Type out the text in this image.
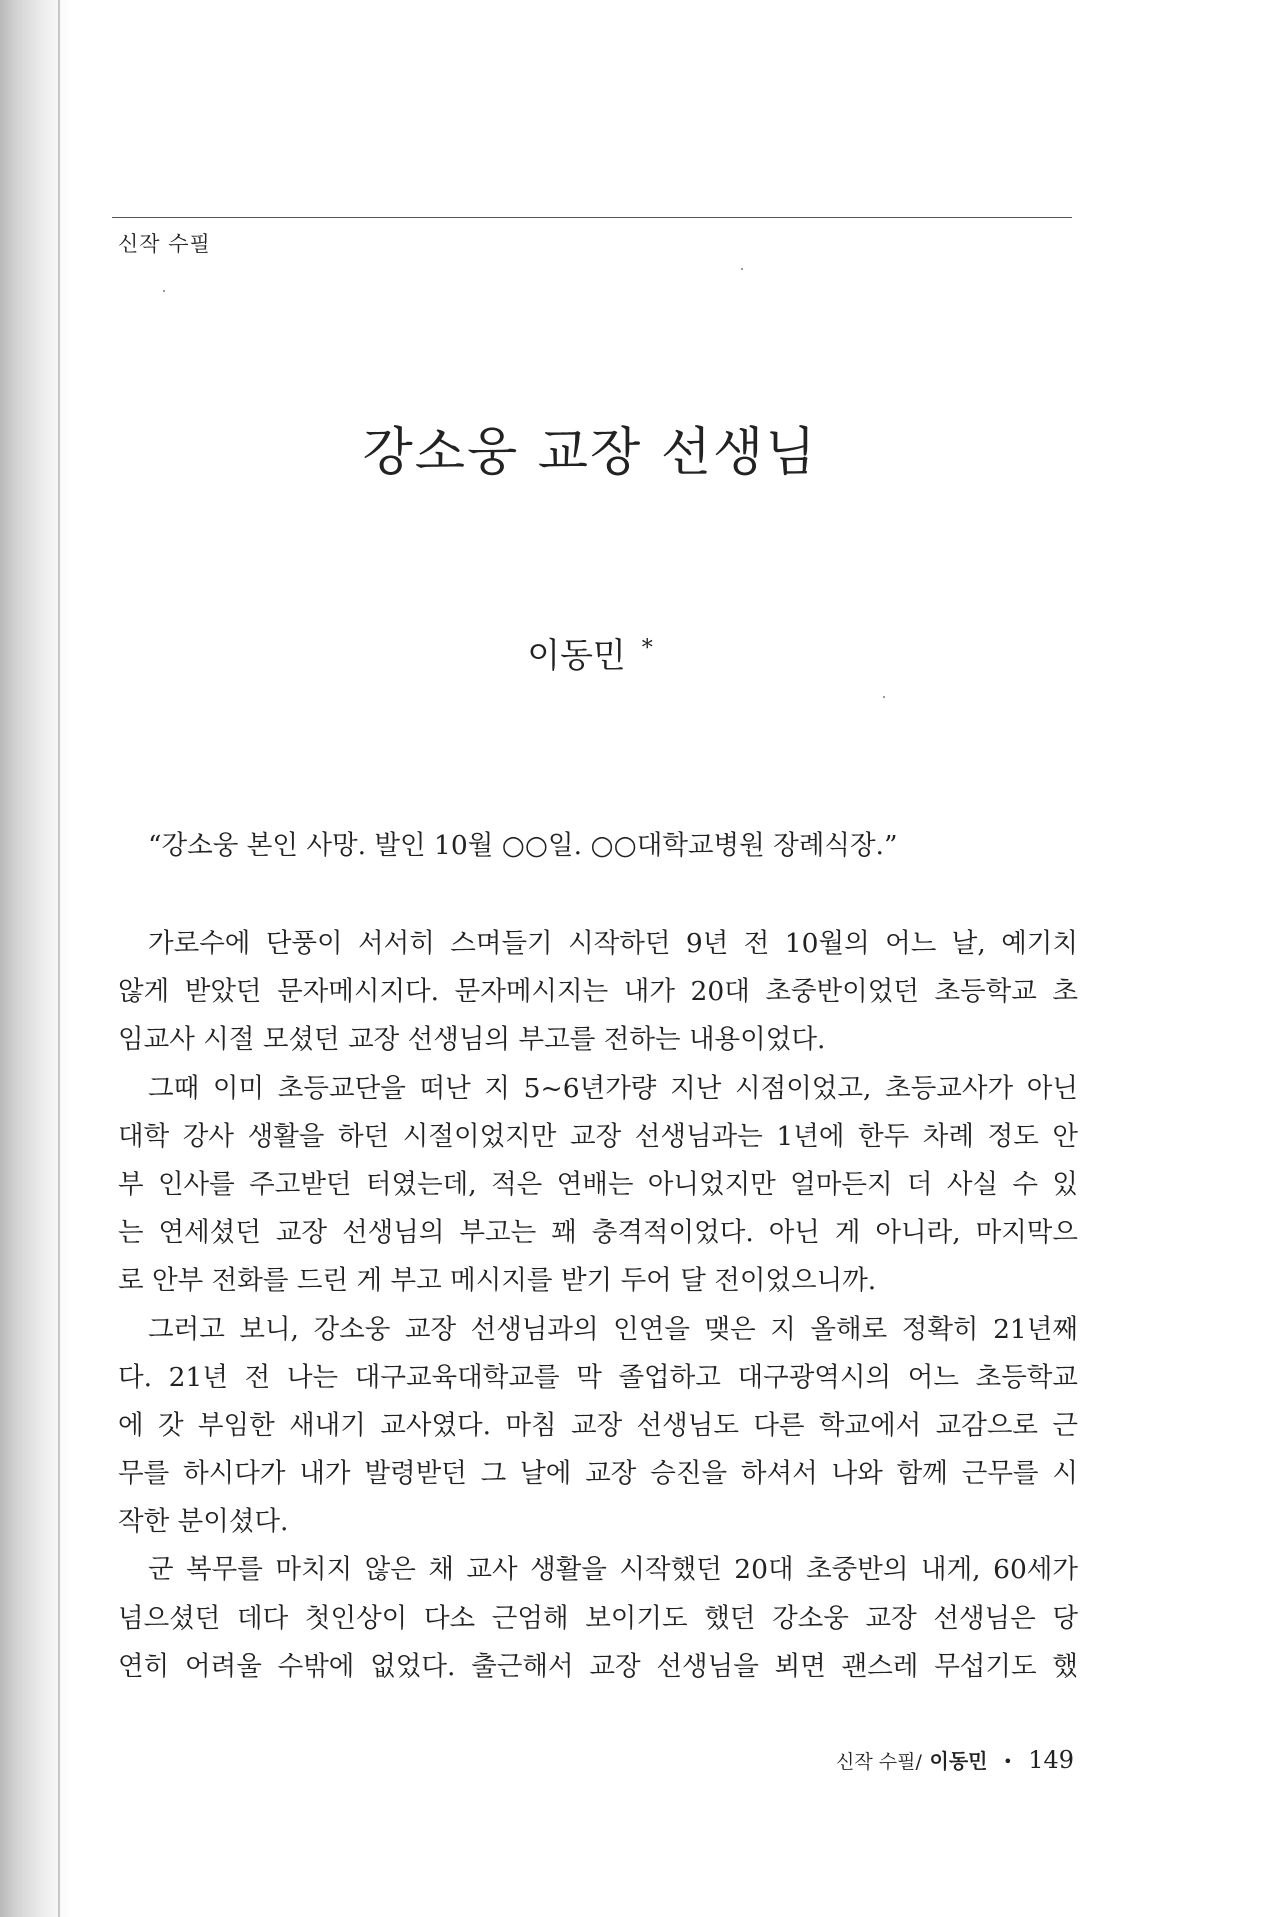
신작 수필
강소웅 교장 선생님
이동민 *
“강소웅 본인 사망. 발인 10월 ○○일. ○○대학교병원 장례식장.”
가로수에 단풍이 서서히 스며들기 시작하던 9년 전 10월의 어느 날, 예기치
않게 받았던 문자메시지다. 문자메시지는 내가 20대 초중반이었던 초등학교 초
임교사 시절 모셨던 교장 선생님의 부고를 전하는 내용이었다.
그때 이미 초등교단을 떠난 지 5~6년가량 지난 시점이었고, 초등교사가 아닌
대학 강사 생활을 하던 시절이었지만 교장 선생님과는 1년에 한두 차례 정도 안
부 인사를 주고받던 터였는데, 적은 연배는 아니었지만 얼마든지 더 사실 수 있
는 연세셨던 교장 선생님의 부고는 꽤 충격적이었다. 아닌 게 아니라, 마지막으
로 안부 전화를 드린 게 부고 메시지를 받기 두어 달 전이었으니까.
그러고 보니, 강소웅 교장 선생님과의 인연을 맺은 지 올해로 정확히 21년째
다. 21년 전 나는 대구교육대학교를 막 졸업하고 대구광역시의 어느 초등학교
에 갓 부임한 새내기 교사였다. 마침 교장 선생님도 다른 학교에서 교감으로 근
무를 하시다가 내가 발령받던 그 날에 교장 승진을 하셔서 나와 함께 근무를 시
작한 분이셨다.
군 복무를 마치지 않은 채 교사 생활을 시작했던 20대 초중반의 내게, 60세가
넘으셨던 데다 첫인상이 다소 근엄해 보이기도 했던 강소웅 교장 선생님은 당
연히 어려울 수밖에 없었다. 출근해서 교장 선생님을 뵈면 괜스레 무섭기도 했
신작 수필/ 이동민 • 149
